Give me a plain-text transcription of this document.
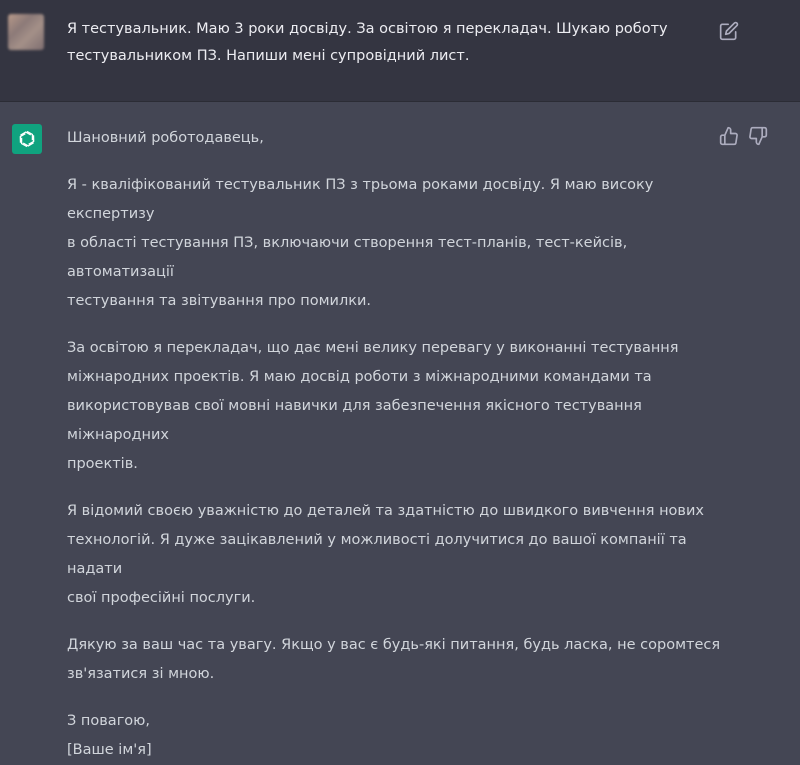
Я тестувальник. Маю 3 роки досвіду. За освітою я перекладач. Шукаю роботу
тестувальником ПЗ. Напиши мені супровідний лист.

Шановний роботодавець,

Я - кваліфікований тестувальник ПЗ з трьома роками досвіду. Я маю високу експертизу
в області тестування ПЗ, включаючи створення тест-планів, тест-кейсів, автоматизації
тестування та звітування про помилки.

За освітою я перекладач, що дає мені велику перевагу у виконанні тестування
міжнародних проектів. Я маю досвід роботи з міжнародними командами та
використовував свої мовні навички для забезпечення якісного тестування міжнародних
проектів.

Я відомий своєю уважністю до деталей та здатністю до швидкого вивчення нових
технологій. Я дуже зацікавлений у можливості долучитися до вашої компанії та надати
свої професійні послуги.

Дякую за ваш час та увагу. Якщо у вас є будь-які питання, будь ласка, не соромтеся
зв'язатися зі мною.

З повагою,
[Ваше ім'я]
